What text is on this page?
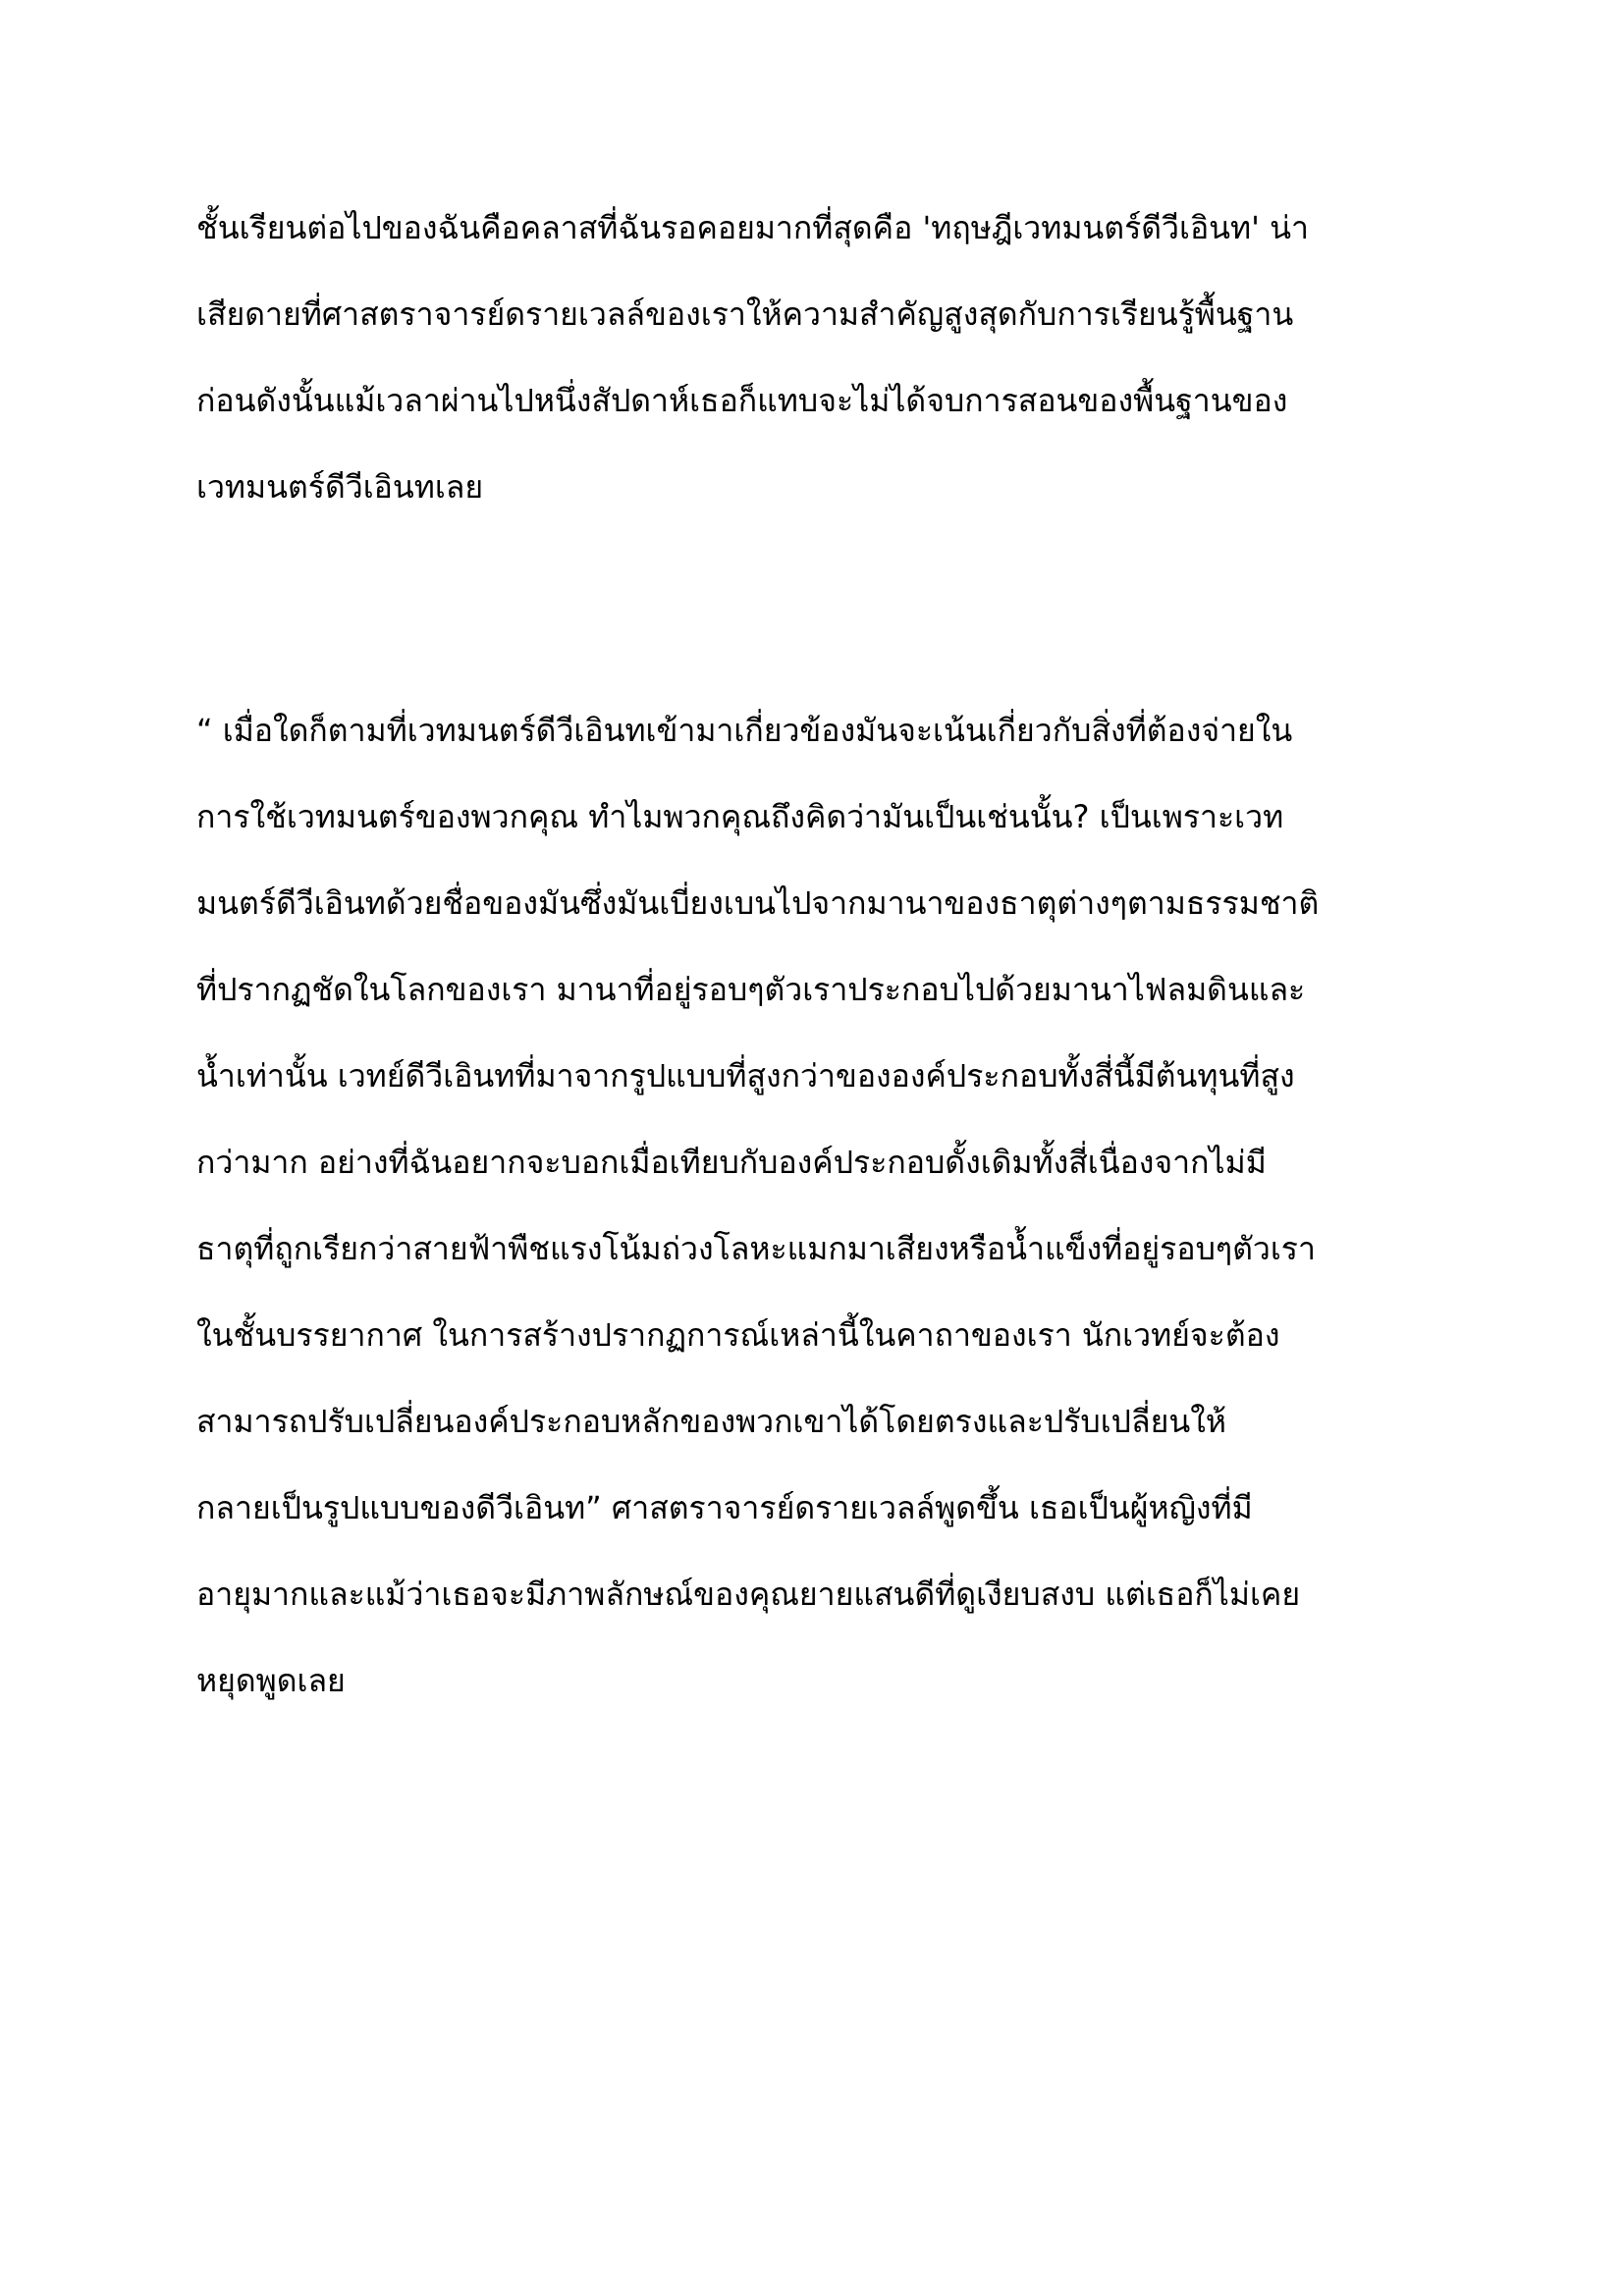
ชั้นเรียนต่อไปของฉันคือคลาสที่ฉันรอคอยมากที่สุดคือ 'ทฤษฎีเวทมนตร์ดีวีเอินท' น่า
เสียดายที่ศาสตราจารย์ดรายเวลล์ของเราให้ความสำคัญสูงสุดกับการเรียนรู้พื้นฐาน
ก่อนดังนั้นแม้เวลาผ่านไปหนึ่งสัปดาห์เธอก็แทบจะไม่ได้จบการสอนของพื้นฐานของ
เวทมนตร์ดีวีเอินทเลย
“ เมื่อใดก็ตามที่เวทมนตร์ดีวีเอินทเข้ามาเกี่ยวข้องมันจะเน้นเกี่ยวกับสิ่งที่ต้องจ่ายใน
การใช้เวทมนตร์ของพวกคุณ ทำไมพวกคุณถึงคิดว่ามันเป็นเช่นนั้น? เป็นเพราะเวท
มนตร์ดีวีเอินทด้วยชื่อของมันซึ่งมันเบี่ยงเบนไปจากมานาของธาตุต่างๆตามธรรมชาติ
ที่ปรากฏชัดในโลกของเรา มานาที่อยู่รอบๆตัวเราประกอบไปด้วยมานาไฟลมดินและ
น้ำเท่านั้น เวทย์ดีวีเอินทที่มาจากรูปแบบที่สูงกว่าขององค์ประกอบทั้งสี่นี้มีต้นทุนที่สูง
กว่ามาก อย่างที่ฉันอยากจะบอกเมื่อเทียบกับองค์ประกอบดั้งเดิมทั้งสี่เนื่องจากไม่มี
ธาตุที่ถูกเรียกว่าสายฟ้าพืชแรงโน้มถ่วงโลหะแมกมาเสียงหรือน้ำแข็งที่อยู่รอบๆตัวเรา
ในชั้นบรรยากาศ ในการสร้างปรากฏการณ์เหล่านี้ในคาถาของเรา นักเวทย์จะต้อง
สามารถปรับเปลี่ยนองค์ประกอบหลักของพวกเขาได้โดยตรงและปรับเปลี่ยนให้
กลายเป็นรูปแบบของดีวีเอินท” ศาสตราจารย์ดรายเวลล์พูดขึ้น เธอเป็นผู้หญิงที่มี
อายุมากและแม้ว่าเธอจะมีภาพลักษณ์ของคุณยายแสนดีที่ดูเงียบสงบ แต่เธอก็ไม่เคย
หยุดพูดเลย
